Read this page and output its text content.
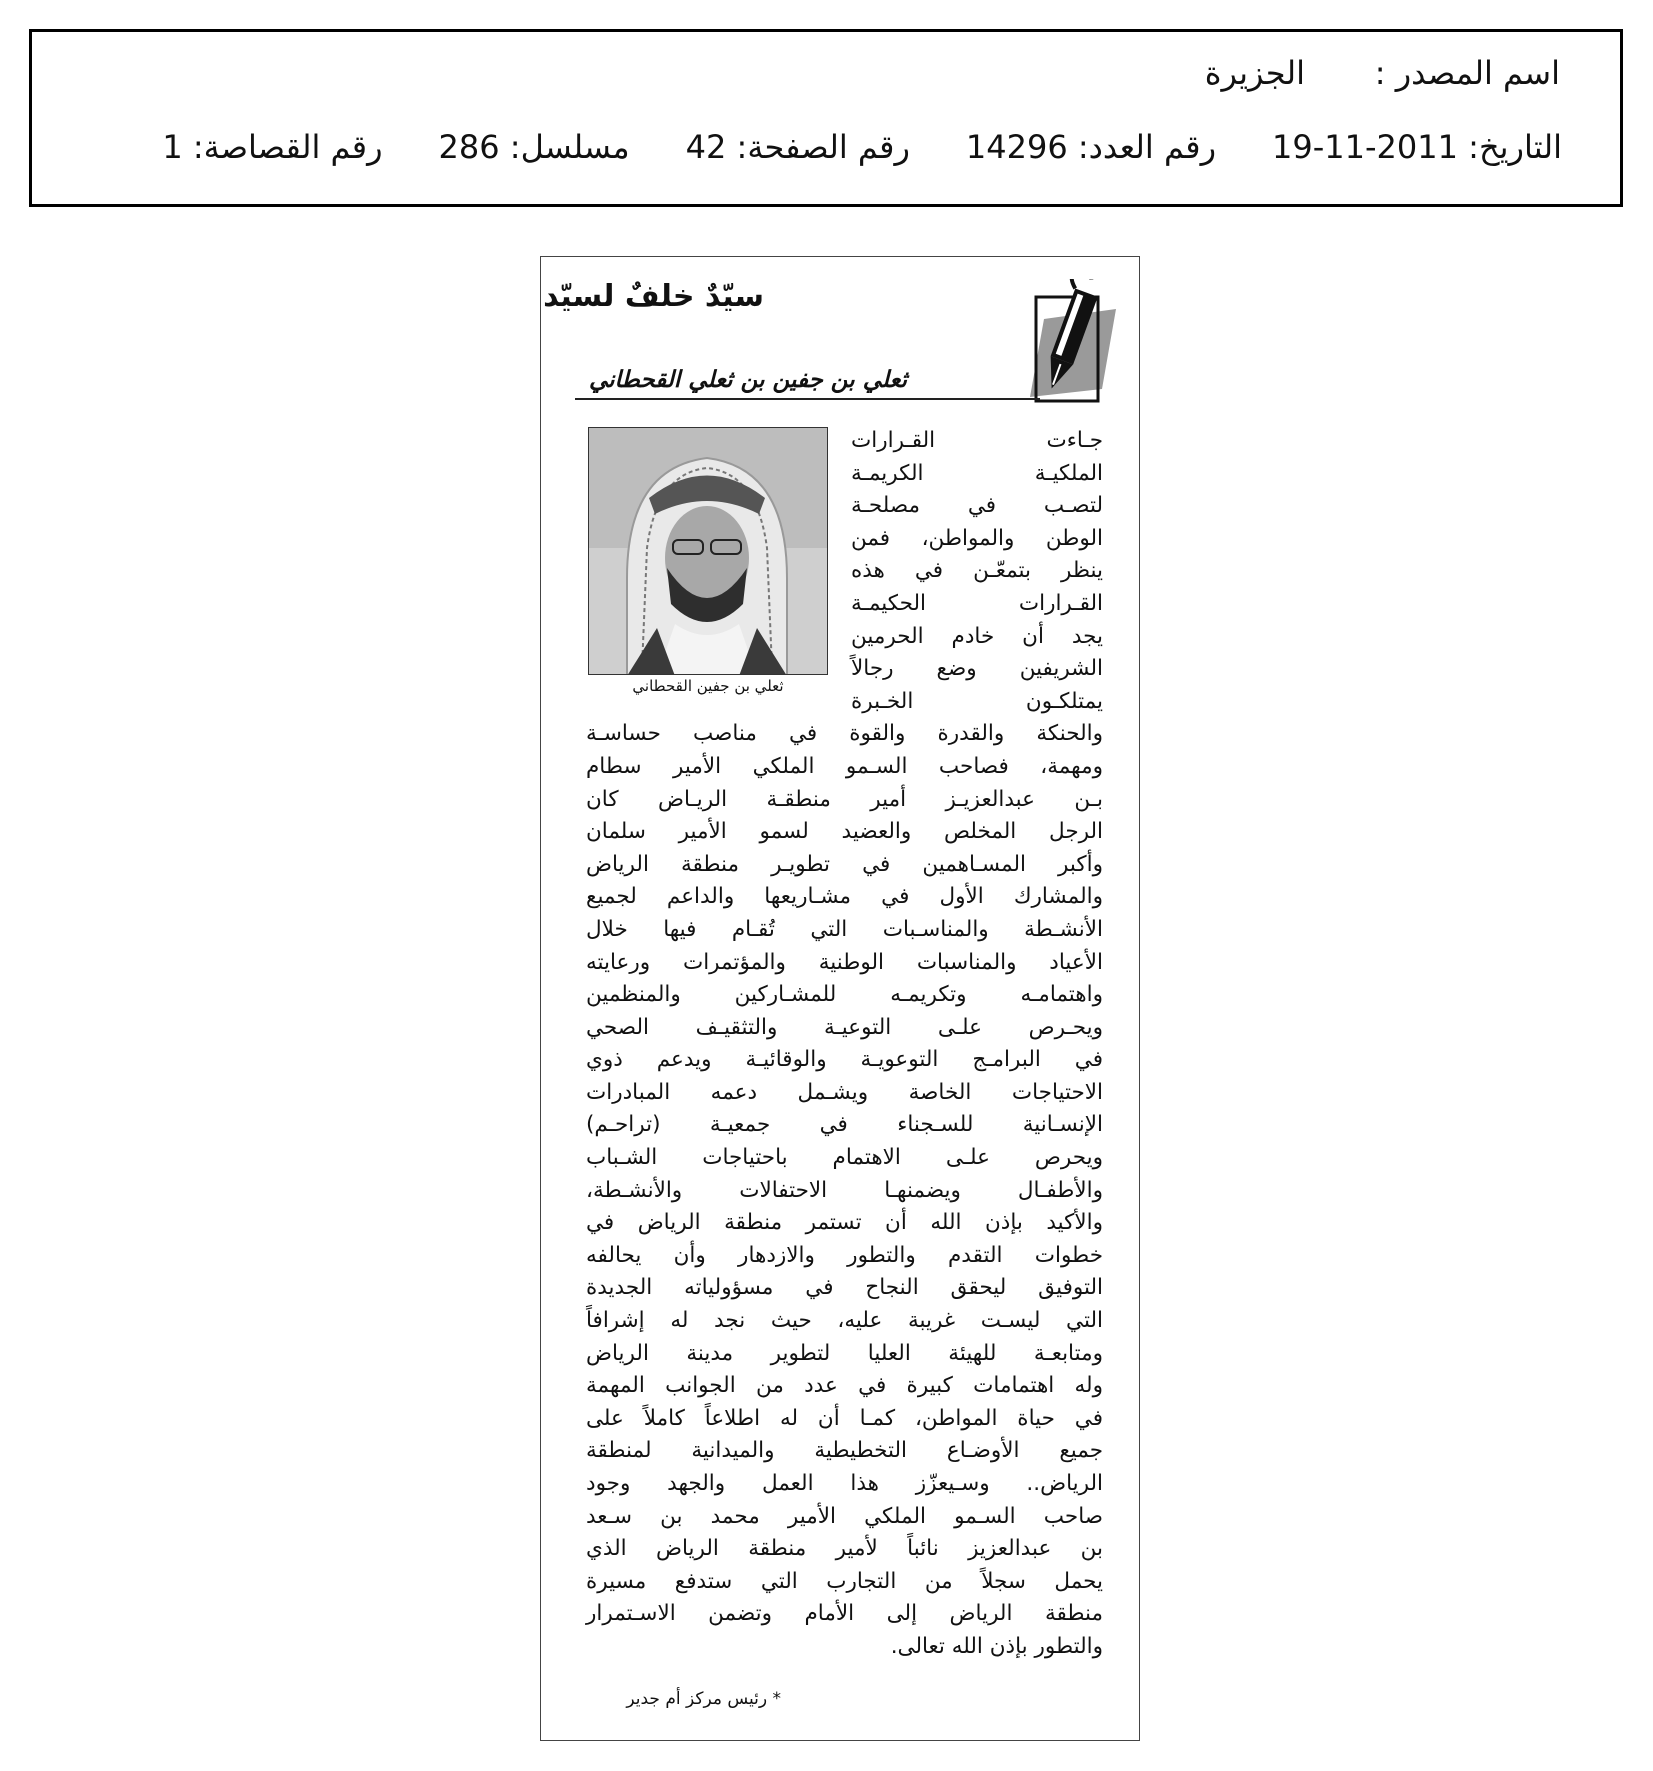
اسم المصدر :
الجزيرة
التاريخ: 2011-11-19
رقم العدد: 14296
رقم الصفحة: 42
مسلسل: 286
رقم القصاصة: 1
سيّدٌ خلفٌ لسيّد
ثعلي بن جفين بن ثعلي القحطاني
ثعلي بن جفين القحطاني
جـاءت القـرارات
الملكيـة الكريمـة
لتصـب في مصلحـة
الوطن والمواطن، فمن
ينظر بتمعّـن في هذه
القـرارات الحكيمـة
يجد أن خادم الحرمين
الشريفين وضع رجالاً
يمتلكـون الخـبرة
والحنكة والقدرة والقوة في مناصب حساسـة
ومهمة، فصاحب السـمو الملكي الأمير سطام
بـن عبدالعزيـز أمير منطقـة الريـاض كان
الرجل المخلص والعضيد لسمو الأمير سلمان
وأكبر المسـاهمين في تطويـر منطقة الرياض
والمشارك الأول في مشـاريعها والداعم لجميع
الأنشـطة والمناسـبات التي تُقـام فيها خلال
الأعياد والمناسبات الوطنية والمؤتمرات ورعايته
واهتمامـه وتكريمـه للمشـاركين والمنظمين
ويحـرص علـى التوعيـة والتثقيـف الصحي
في البرامـج التوعويـة والوقائيـة ويدعم ذوي
الاحتياجات الخاصة ويشـمل دعمه المبادرات
الإنسـانية للسـجناء في جمعيـة (تراحـم)
ويحرص علـى الاهتمام باحتياجات الشـباب
والأطفـال ويضمنهـا الاحتفالات والأنشـطة،
والأكيد بإذن الله أن تستمر منطقة الرياض في
خطوات التقدم والتطور والازدهار وأن يحالفه
التوفيق ليحقق النجاح في مسؤولياته الجديدة
التي ليسـت غريبة عليه، حيث نجد له إشرافاً
ومتابعـة للهيئة العليا لتطوير مدينة الرياض
وله اهتمامات كبيرة في عدد من الجوانب المهمة
في حياة المواطن، كمـا أن له اطلاعاً كاملاً على
جميع الأوضـاع التخطيطية والميدانية لمنطقة
الرياض.. وسـيعزّز هذا العمل والجهد وجود
صاحب السـمو الملكي الأمير محمد بن سـعد
بن عبدالعزيز نائباً لأمير منطقة الرياض الذي
يحمل سجلاً من التجارب التي ستدفع مسيرة
منطقة الرياض إلى الأمام وتضمن الاسـتمرار
والتطور بإذن الله تعالى.
* رئيس مركز أم جدير
